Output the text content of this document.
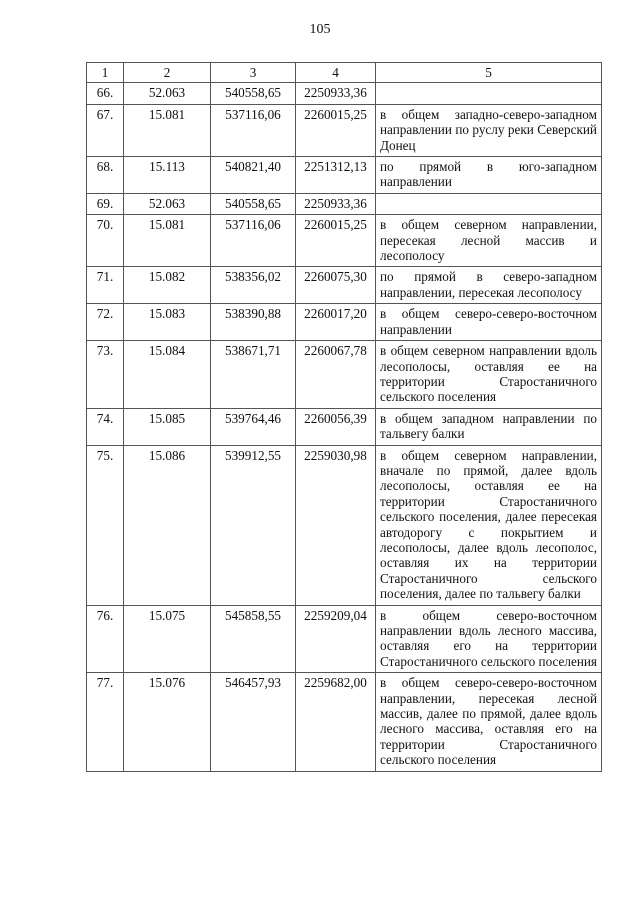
105
1	2	3	4	5
66.	52.063	540558,65	2250933,36	
67.	15.081	537116,06	2260015,25	в общем западно-северо-западном направлении по руслу реки Северский Донец
68.	15.113	540821,40	2251312,13	по прямой в юго-западном направлении
69.	52.063	540558,65	2250933,36	
70.	15.081	537116,06	2260015,25	в общем северном направлении, пересекая лесной массив и лесополосу
71.	15.082	538356,02	2260075,30	по прямой в северо-западном направлении, пересекая лесополосу
72.	15.083	538390,88	2260017,20	в общем северо-северо-восточном направлении
73.	15.084	538671,71	2260067,78	в общем северном направлении вдоль лесополосы, оставляя ее на территории Старостаничного сельского поселения
74.	15.085	539764,46	2260056,39	в общем западном направлении по тальвегу балки
75.	15.086	539912,55	2259030,98	в общем северном направлении, вначале по прямой, далее вдоль лесополосы, оставляя ее на территории Старостаничного сельского поселения, далее пересекая автодорогу с покрытием и лесополосы, далее вдоль лесополос, оставляя их на территории Старостаничного сельского поселения, далее по тальвегу балки
76.	15.075	545858,55	2259209,04	в общем северо-восточном направлении вдоль лесного массива, оставляя его на территории Старостаничного сельского поселения
77.	15.076	546457,93	2259682,00	в общем северо-северо-восточном направлении, пересекая лесной массив, далее по прямой, далее вдоль лесного массива, оставляя его на территории Старостаничного сельского поселения
